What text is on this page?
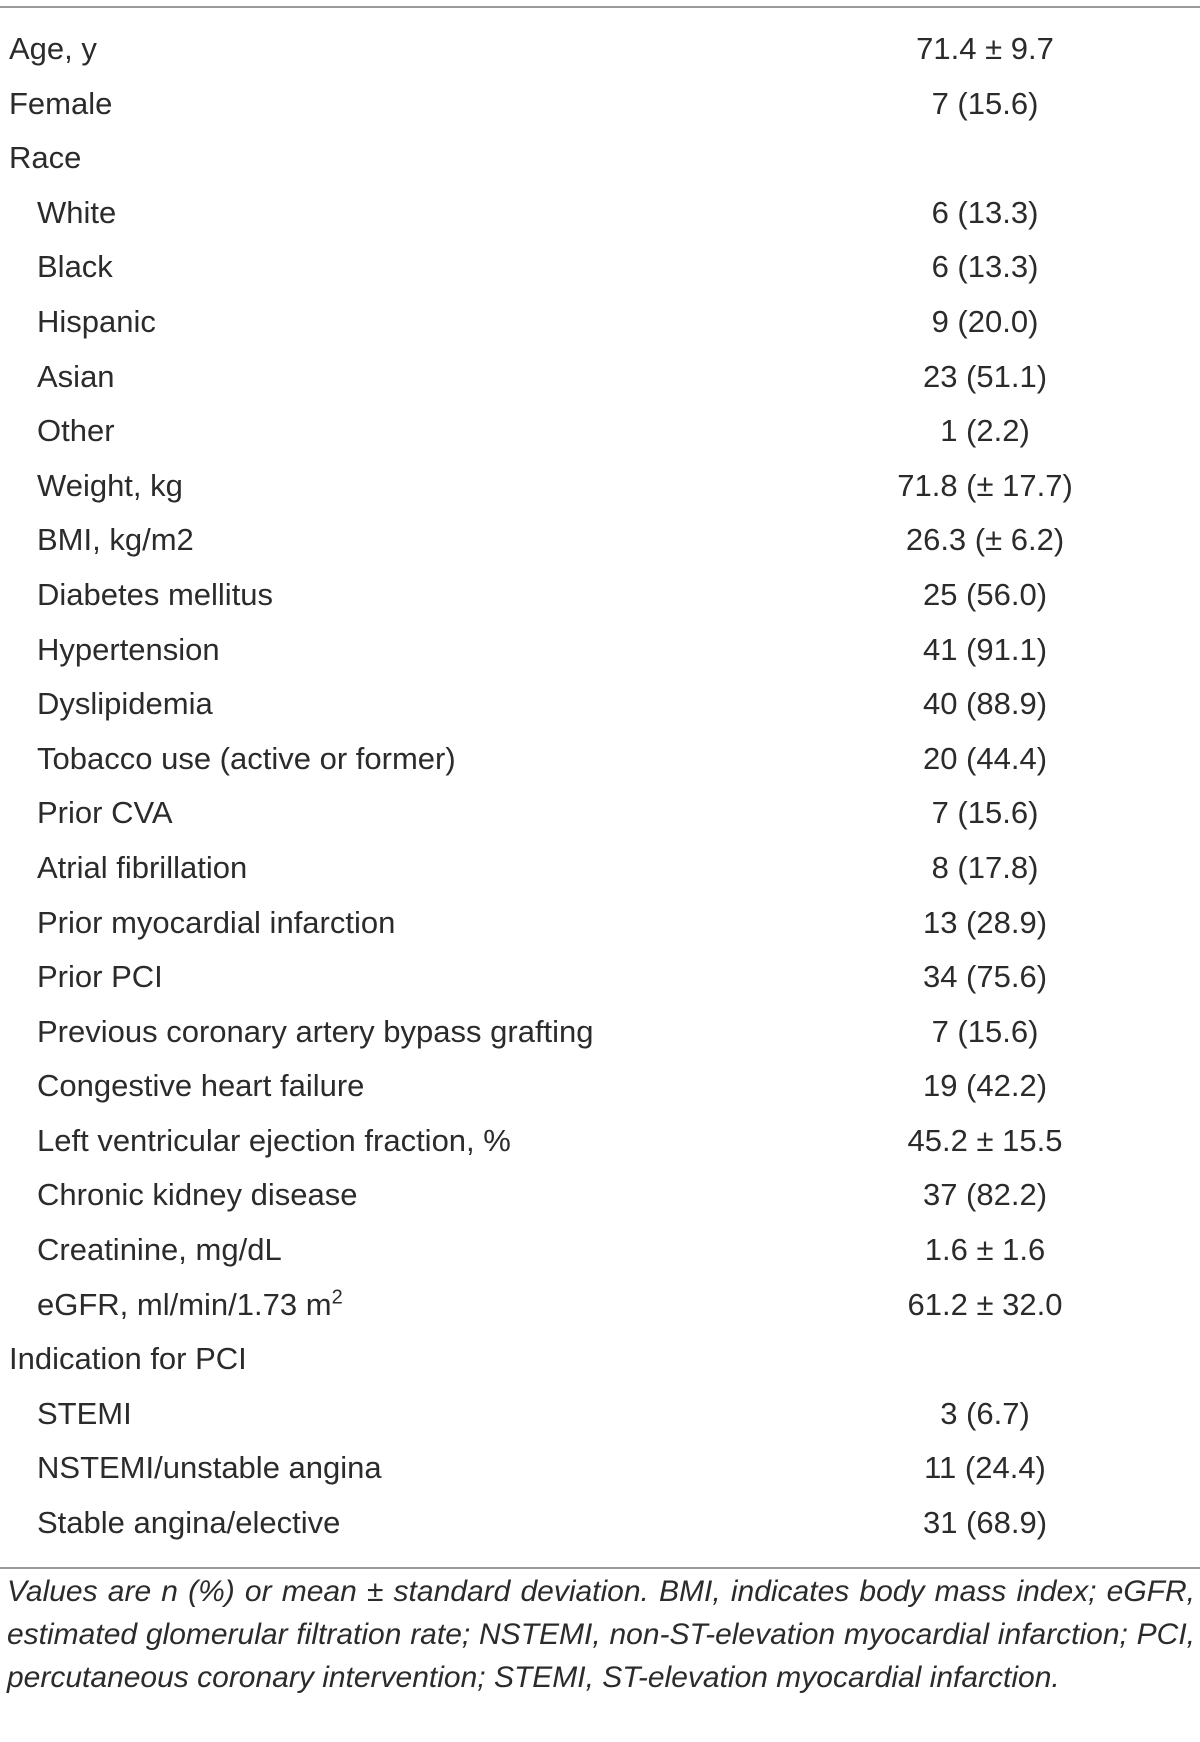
Age, y	71.4 ± 9.7
Female	7 (15.6)
Race
White	6 (13.3)
Black	6 (13.3)
Hispanic	9 (20.0)
Asian	23 (51.1)
Other	1 (2.2)
Weight, kg	71.8 (± 17.7)
BMI, kg/m2	26.3 (± 6.2)
Diabetes mellitus	25 (56.0)
Hypertension	41 (91.1)
Dyslipidemia	40 (88.9)
Tobacco use (active or former)	20 (44.4)
Prior CVA	7 (15.6)
Atrial fibrillation	8 (17.8)
Prior myocardial infarction	13 (28.9)
Prior PCI	34 (75.6)
Previous coronary artery bypass grafting	7 (15.6)
Congestive heart failure	19 (42.2)
Left ventricular ejection fraction, %	45.2 ± 15.5
Chronic kidney disease	37 (82.2)
Creatinine, mg/dL	1.6 ± 1.6
eGFR, ml/min/1.73 $m^2$	61.2 ± 32.0
Indication for PCI
STEMI	3 (6.7)
NSTEMI/unstable angina	11 (24.4)
Stable angina/elective	31 (68.9)
Values are n (%) or mean ± standard deviation. BMI, indicates body mass index; eGFR, estimated glomerular filtration rate; NSTEMI, non-ST-elevation myocardial infarction; PCI, percutaneous coronary intervention; STEMI, ST-elevation myocardial infarction.
